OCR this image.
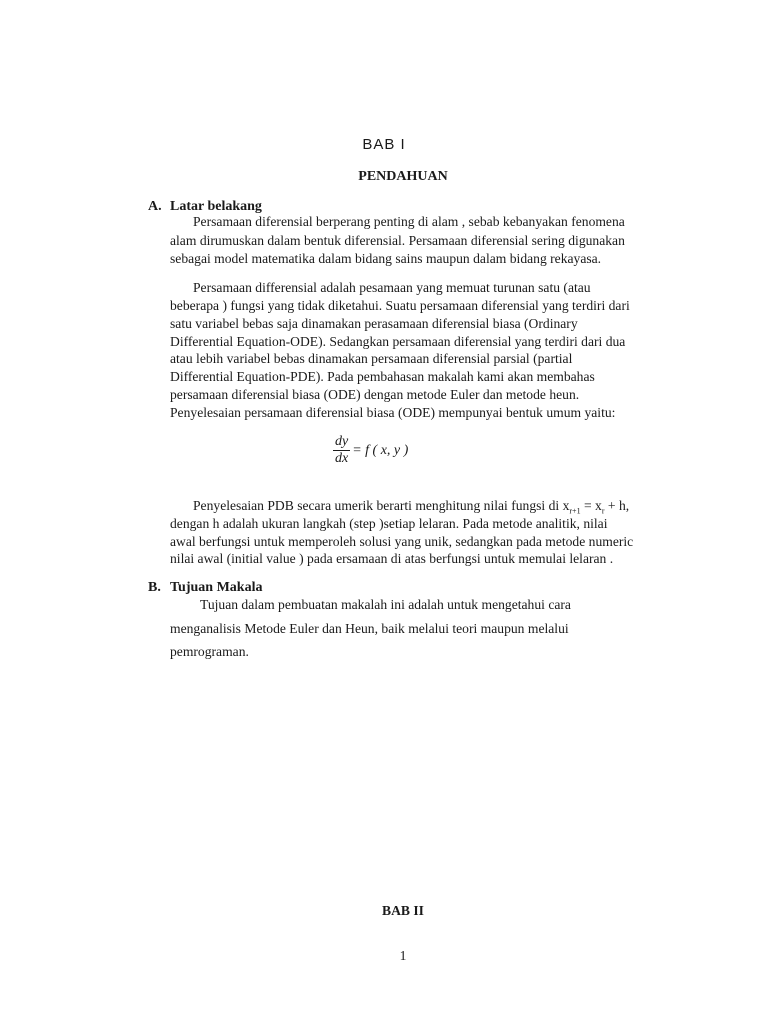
BAB I
PENDAHUAN
A. Latar belakang
Persamaan diferensial berperang penting di alam , sebab kebanyakan fenomena
alam dirumuskan dalam bentuk diferensial. Persamaan diferensial sering digunakan
sebagai model matematika dalam bidang sains maupun dalam bidang rekayasa.
Persamaan differensial adalah pesamaan yang memuat turunan satu (atau
beberapa ) fungsi yang tidak diketahui. Suatu persamaan diferensial yang terdiri dari
satu variabel bebas saja dinamakan perasamaan diferensial biasa (Ordinary
Differential Equation-ODE). Sedangkan persamaan diferensial yang terdiri dari dua
atau lebih variabel bebas dinamakan persamaan diferensial parsial (partial
Differential Equation-PDE). Pada pembahasan makalah kami akan membahas
persamaan diferensial biasa (ODE) dengan metode Euler dan metode heun.
Penyelesaian persamaan diferensial biasa (ODE) mempunyai bentuk umum yaitu:
$\frac{dy}{dx} = f$ ( x, y )
Penyelesaian PDB secara umerik berarti menghitung nilai fungsi di $x_{r+1} = x_r + h$,
dengan h adalah ukuran langkah (step )setiap lelaran. Pada metode analitik, nilai
awal berfungsi untuk memperoleh solusi yang unik, sedangkan pada metode numeric
nilai awal (initial value ) pada ersamaan di atas berfungsi untuk memulai lelaran .
B. Tujuan Makala
Tujuan dalam pembuatan makalah ini adalah untuk mengetahui cara
menganalisis Metode Euler dan Heun, baik melalui teori maupun melalui
pemrograman.
BAB II
1
